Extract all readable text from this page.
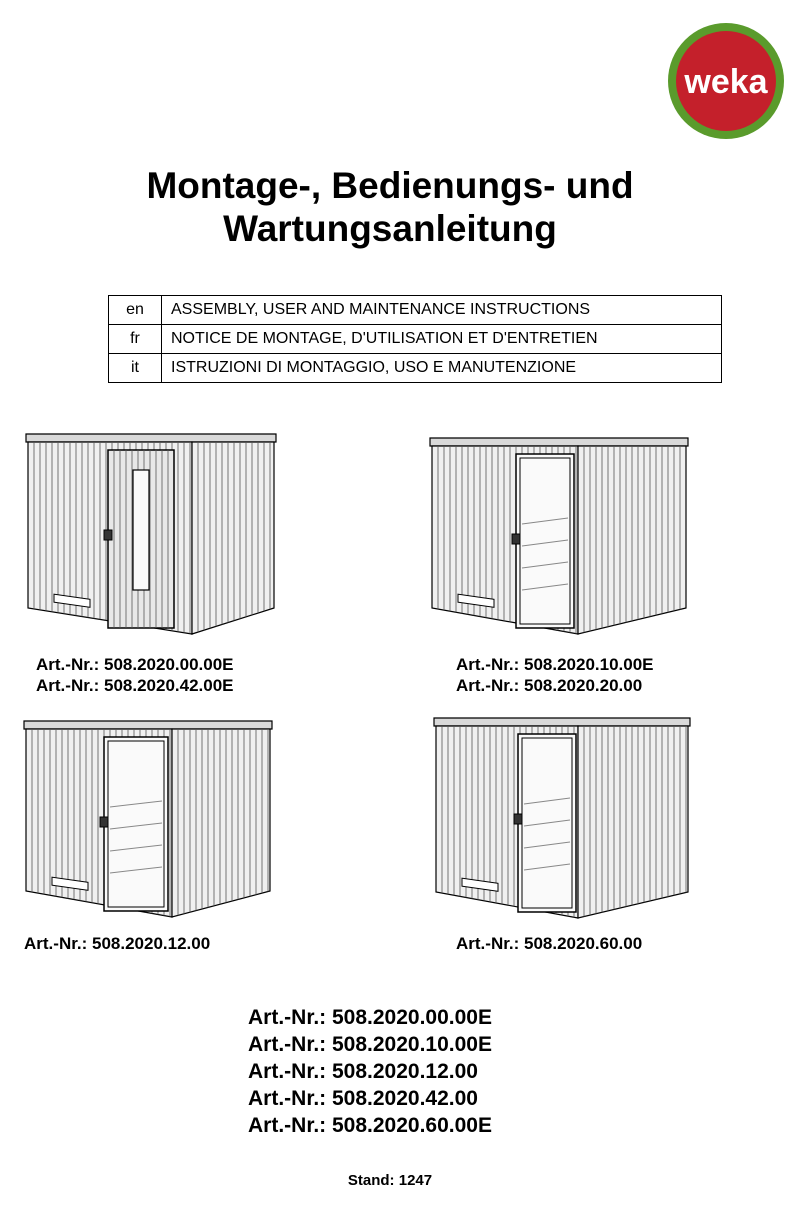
weka
Montage-, Bedienungs- und
Wartungsanleitung
en	ASSEMBLY, USER AND MAINTENANCE INSTRUCTIONS
fr	NOTICE DE MONTAGE, D'UTILISATION ET D'ENTRETIEN
it	ISTRUZIONI DI MONTAGGIO, USO E MANUTENZIONE
Art.-Nr.: 508.2020.00.00E
Art.-Nr.: 508.2020.42.00E
Art.-Nr.: 508.2020.10.00E
Art.-Nr.: 508.2020.20.00
Art.-Nr.: 508.2020.12.00	Art.-Nr.: 508.2020.60.00
Art.-Nr.: 508.2020.00.00E
Art.-Nr.: 508.2020.10.00E
Art.-Nr.: 508.2020.12.00
Art.-Nr.: 508.2020.42.00
Art.-Nr.: 508.2020.60.00E
Stand: 1247
